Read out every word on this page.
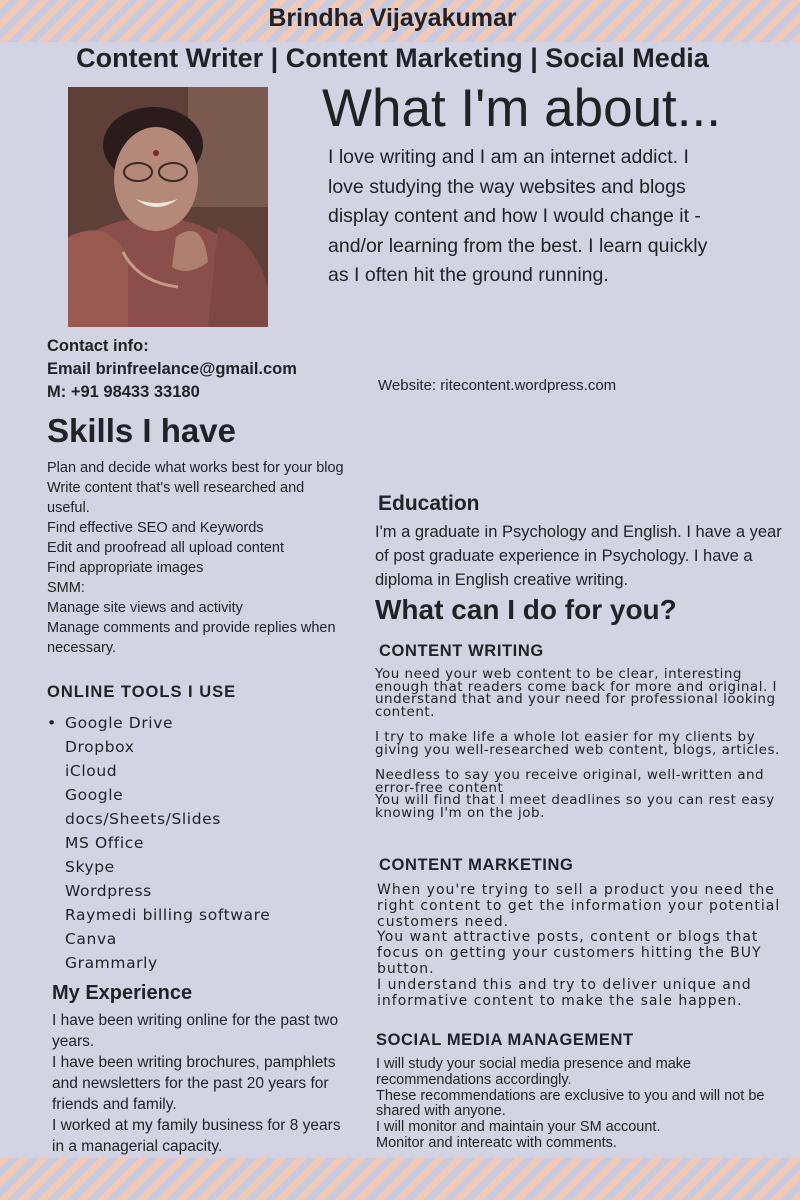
Brindha Vijayakumar
Content Writer | Content Marketing | Social Media
What I'm about...
I love writing and I am an internet addict. I love studying the way websites and blogs display content and how I would change it - and/or learning from the best. I learn quickly as I often hit the ground running.
Contact info:
Email brinfreelance@gmail.com
M: +91 98433 33180	Website: ritecontent.wordpress.com
Skills I have
Plan and decide what works best for your blog
Write content that's well researched and useful.
Find effective SEO and Keywords
Edit and proofread all upload content
Find appropriate images
SMM:
Manage site views and activity
Manage comments and provide replies when necessary.
ONLINE TOOLS I USE
• Google Drive
Dropbox
iCloud
Google
docs/Sheets/Slides
MS Office
Skype
Wordpress
Raymedi billing software
Canva
Grammarly
My Experience
I have been writing online for the past two years.
I have been writing brochures, pamphlets and newsletters for the past 20 years for friends and family.
I worked at my family business for 8 years in a managerial capacity.
Education
I'm a graduate in Psychology and English. I have a year of post graduate experience in Psychology. I have a diploma in English creative writing.
What can I do for you?
CONTENT WRITING

You need your web content to be clear, interesting enough that readers come back for more and original. I understand that and your need for professional looking content.

I try to make life a whole lot easier for my clients by giving you well-researched web content, blogs, articles.

Needless to say you receive original, well-written and error-free content

You will find that I meet deadlines so you can rest easy knowing I'm on the job.

CONTENT MARKETING
When you're trying to sell a product you need the right content to get the information your potential customers need.
You want attractive posts, content or blogs that focus on getting your customers hitting the BUY button.
I understand this and try to deliver unique and informative content to make the sale happen.
SOCIAL MEDIA MANAGEMENT
I will study your social media presence and make recommendations accordingly.
These recommendations are exclusive to you and will not be shared with anyone.
I will monitor and maintain your SM account.
Monitor and intereatc with comments.
